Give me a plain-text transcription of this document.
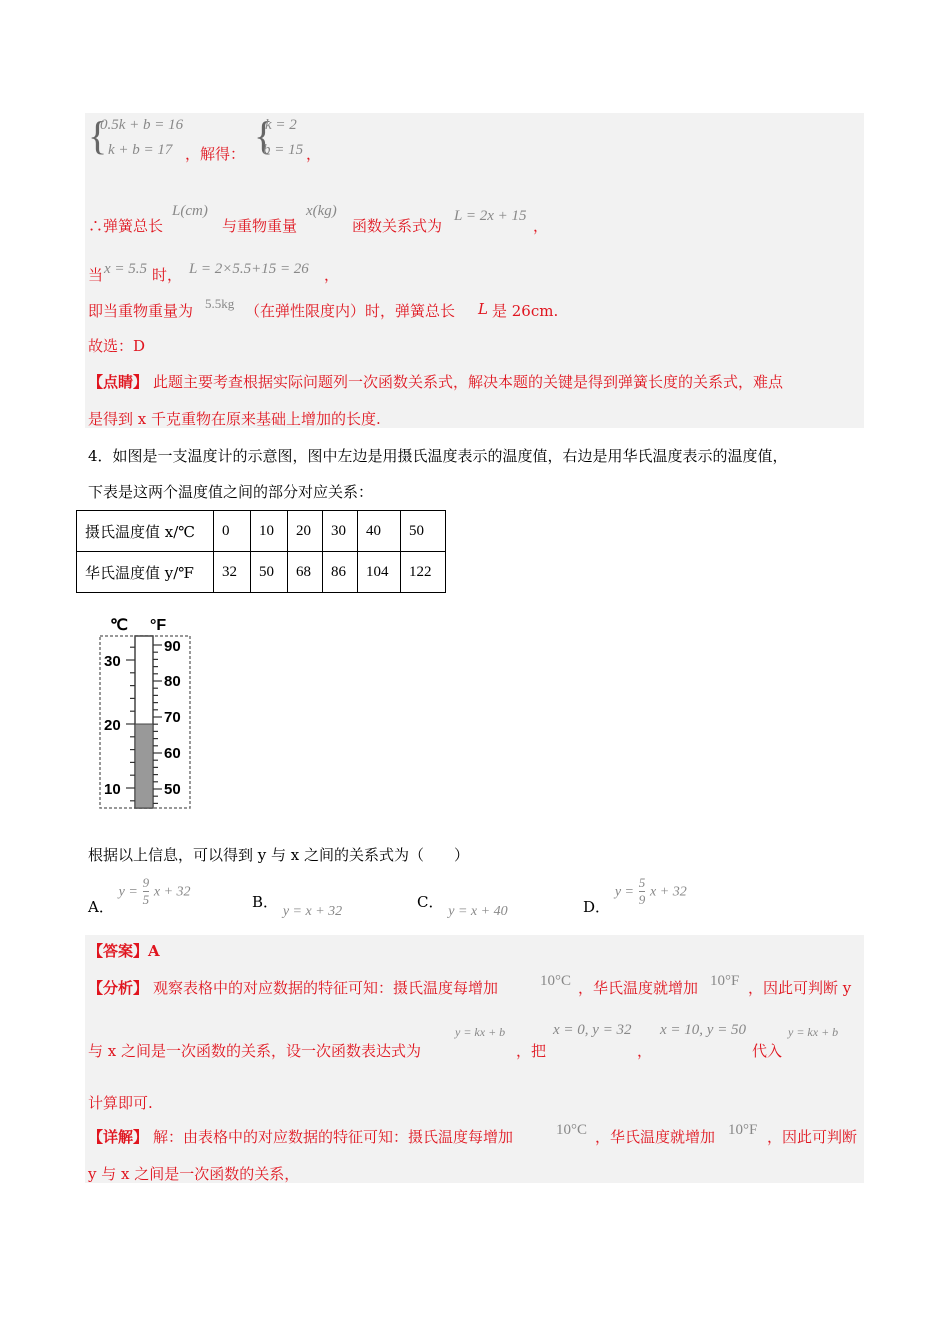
{
0.5k + b = 16
k + b = 17 ，解得： {
k = 2
b = 15 ，
∴弹簧总长
L(cm)
与重物重量
x(kg)
函数关系式为
L = 2x + 15
，
当 x = 5.5 时， L = 2×5.5+15 = 26 ，
即当重物重量为 5.5kg （在弹性限度内）时，弹簧总长 L 是 26cm.
故选：D
【点睛】 此题主要考查根据实际问题列一次函数关系式，解决本题的关键是得到弹簧长度的关系式，难点
是得到 x 千克重物在原来基础上增加的长度.
4．如图是一支温度计的示意图，图中左边是用摄氏温度表示的温度值，右边是用华氏温度表示的温度值，
下表是这两个温度值之间的部分对应关系：
摄氏温度值 x/℃	0	10	20	30	40	50
华氏温度值 y/℉	32	50	68	86	104	122
℃ °F
30
20
10
90
80
70
60
50
根据以上信息，可以得到 y 与 x 之间的关系式为（　　）
A． $y = \frac{9}{5}$ x + 32
B． y = x + 32
C． y = x + 40	D． $y = \frac{5}{9}$ x + 32
【答案】A
【分析】 观察表格中的对应数据的特征可知：摄氏温度每增加	10°C ，华氏温度就增加 10°F ，因此可判断 y
与 x 之间是一次函数的关系，设一次函数表达式为
y = kx + b
，把
x = 0, y = 32
，
x = 10, y = 50
代入
y = kx + b
计算即可.
【详解】 解：由表格中的对应数据的特征可知：摄氏温度每增加	10°C ，华氏温度就增加 10°F ，因此可判断
y 与 x 之间是一次函数的关系，
